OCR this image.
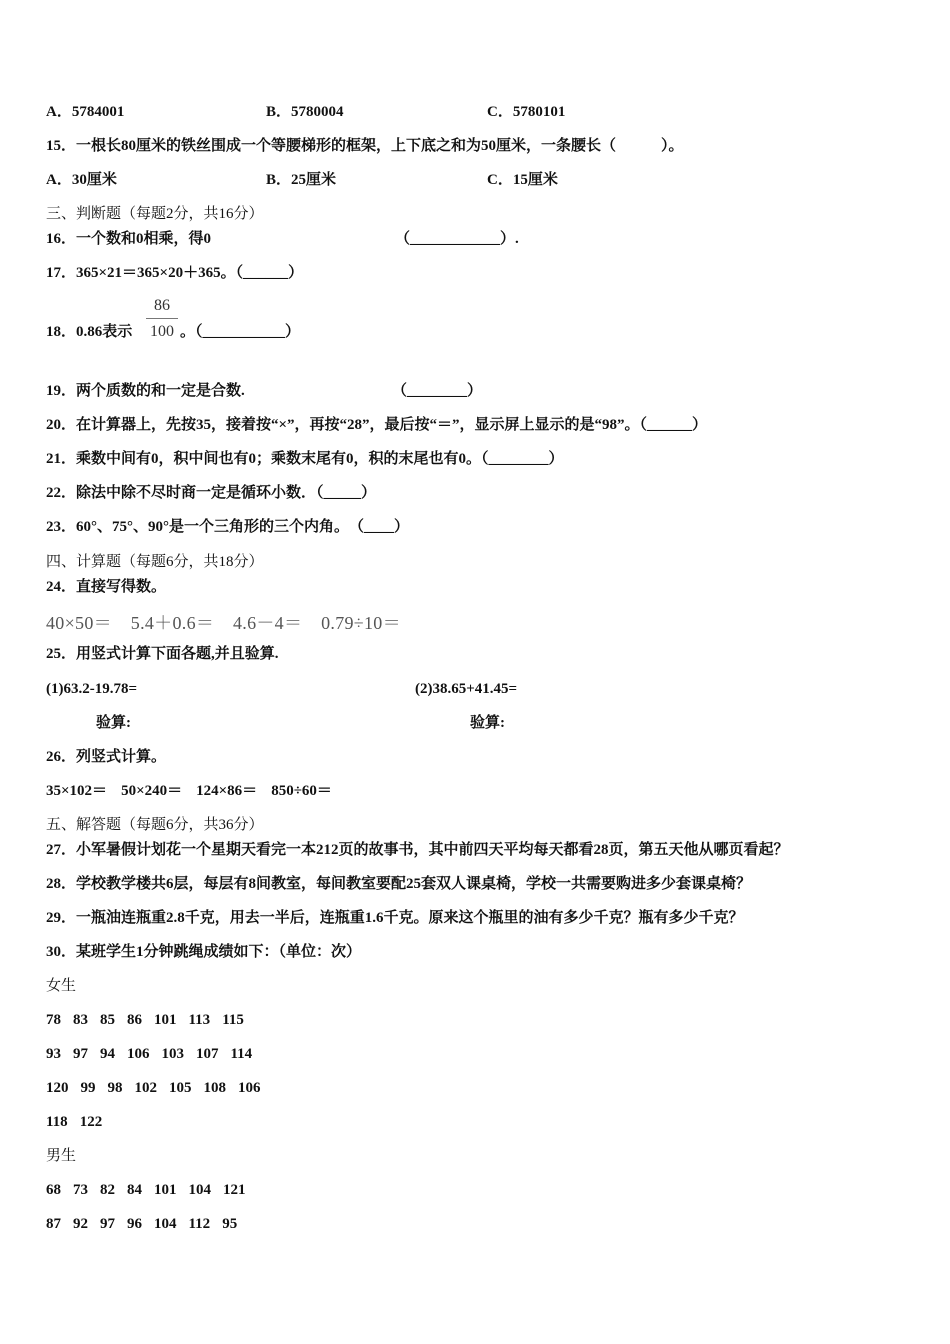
A．5784001	B．5780004	C．5780101
15．一根长80厘米的铁丝围成一个等腰梯形的框架，上下底之和为50厘米，一条腰长（　　　）。
A．30厘米	B．25厘米	C．15厘米
三、判断题（每题2分，共16分）
16．一个数和0相乘，得0	（____________）.
17．365×21＝365×20＋365。（______）
18．0.86表示
86
100 。（___________）
19．两个质数的和一定是合数.	（________）
20．在计算器上，先按35，接着按“×”，再按“28”，最后按“＝”，显示屏上显示的是“98”。（______）
21．乘数中间有0，积中间也有0；乘数末尾有0，积的末尾也有0。（________）
22．除法中除不尽时商一定是循环小数．（_____）
23．60°、75°、90°是一个三角形的三个内角。　（____）
四、计算题（每题6分，共18分）
24．直接写得数。
40×50＝ 5.4＋0.6＝ 4.6－4＝ 0.79÷10＝
25．用竖式计算下面各题,并且验算.
(1)63.2-19.78=	(2)38.65+41.45=
验算:	验算:
26．列竖式计算。
35×102＝ 50×240＝ 124×86＝ 850÷60＝
五、解答题（每题6分，共36分）
27．小军暑假计划花一个星期天看完一本212页的故事书，其中前四天平均每天都看28页，第五天他从哪页看起？
28．学校教学楼共6层，每层有8间教室，每间教室要配25套双人课桌椅，学校一共需要购进多少套课桌椅？
29．一瓶油连瓶重2.8千克，用去一半后，连瓶重1.6千克。原来这个瓶里的油有多少千克？瓶有多少千克？
30．某班学生1分钟跳绳成绩如下：（单位：次）
女生
78 83 85 86 101 113 115
93 97 94 106 103 107 114
120 99 98 102 105 108 106
118 122
男生
68 73 82 84 101 104 121
87 92 97 96 104 112 95
